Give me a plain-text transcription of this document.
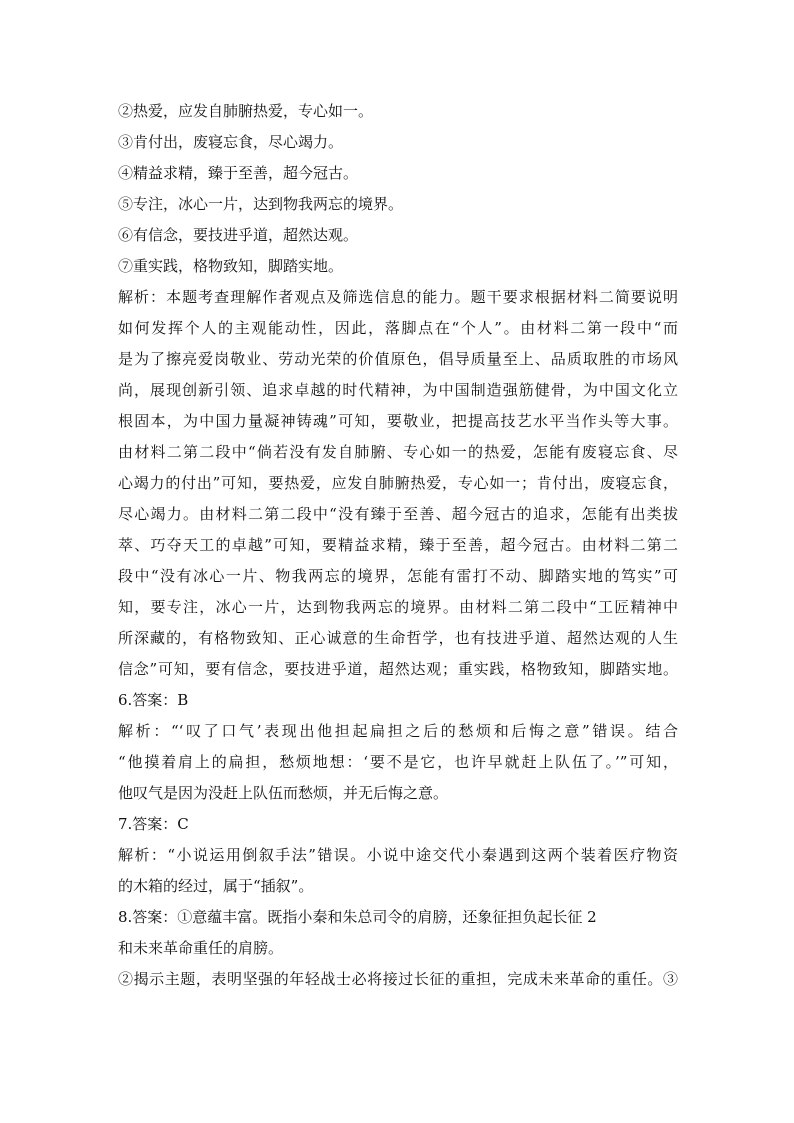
②热爱，应发自肺腑热爱，专心如一。
③肯付出，废寝忘食，尽心竭力。
④精益求精，臻于至善，超今冠古。
⑤专注，冰心一片，达到物我两忘的境界。
⑥有信念，要技进乎道，超然达观。
⑦重实践，格物致知，脚踏实地。
解析：本题考查理解作者观点及筛选信息的能力。题干要求根据材料二简要说明
如何发挥个人的主观能动性，因此，落脚点在“个人”。由材料二第一段中“而
是为了擦亮爱岗敬业、劳动光荣的价值原色，倡导质量至上、品质取胜的市场风
尚，展现创新引领、追求卓越的时代精神，为中国制造强筋健骨，为中国文化立
根固本，为中国力量凝神铸魂”可知，要敬业，把提高技艺水平当作头等大事。
由材料二第二段中“倘若没有发自肺腑、专心如一的热爱，怎能有废寝忘食、尽
心竭力的付出”可知，要热爱，应发自肺腑热爱，专心如一；肯付出，废寝忘食，
尽心竭力。由材料二第二段中“没有臻于至善、超今冠古的追求，怎能有出类拔
萃、巧夺天工的卓越”可知，要精益求精，臻于至善，超今冠古。由材料二第二
段中“没有冰心一片、物我两忘的境界，怎能有雷打不动、脚踏实地的笃实”可
知，要专注，冰心一片，达到物我两忘的境界。由材料二第二段中“工匠精神中
所深藏的，有格物致知、正心诚意的生命哲学，也有技进乎道、超然达观的人生
信念”可知，要有信念，要技进乎道，超然达观；重实践，格物致知，脚踏实地。
6.答案：B
解析：“‘叹了口气’表现出他担起扁担之后的愁烦和后悔之意”错误。结合
“他摸着肩上的扁担，愁烦地想：‘要不是它，也许早就赶上队伍了。’”可知，
他叹气是因为没赶上队伍而愁烦，并无后悔之意。
7.答案：C
解析：“小说运用倒叙手法”错误。小说中途交代小秦遇到这两个装着医疗物资
的木箱的经过，属于“插叙”。
8.答案：①意蕴丰富。既指小秦和朱总司令的肩膀，还象征担负起长征 2
和未来革命重任的肩膀。
②揭示主题，表明坚强的年轻战士必将接过长征的重担，完成未来革命的重任。③
